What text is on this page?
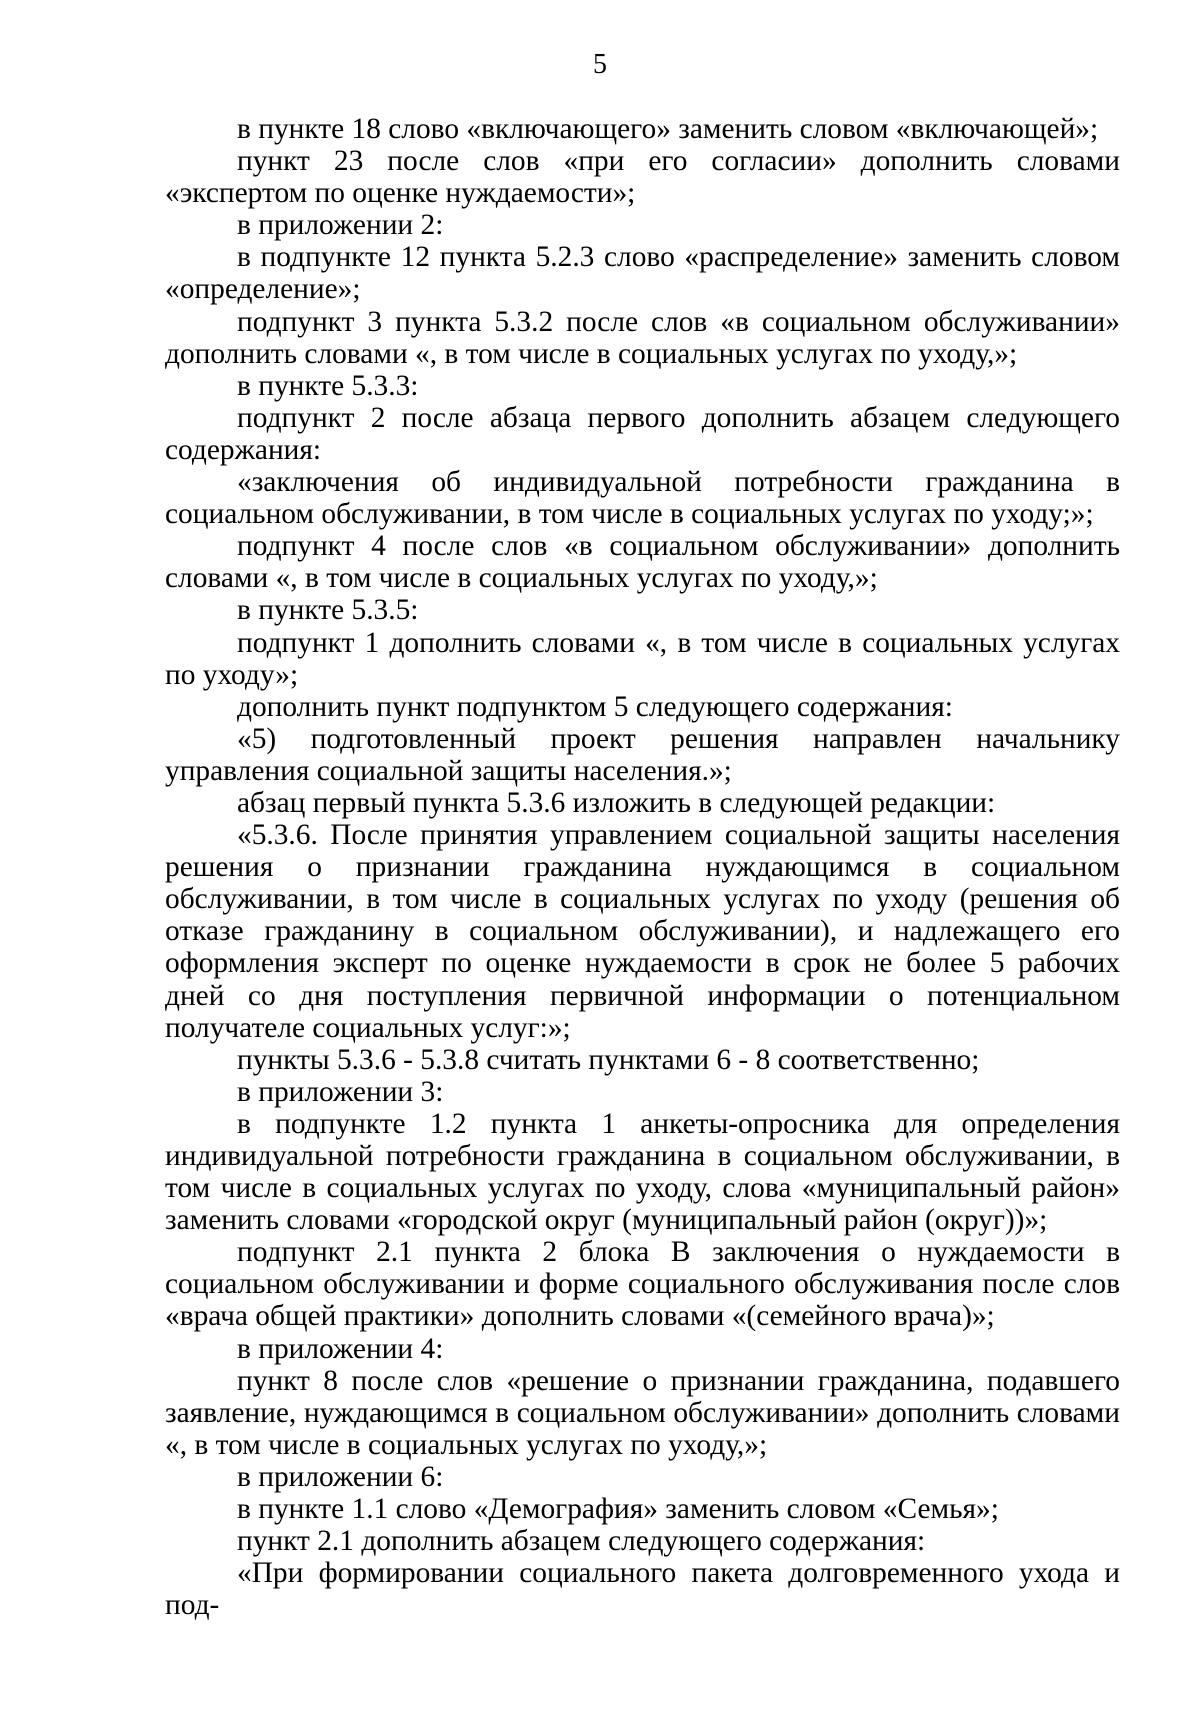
5

в пункте 18 слово «включающего» заменить словом «включающей»;

пункт 23 после слов «при его согласии» дополнить словами «экспертом по оценке нуждаемости»;

в приложении 2:

в подпункте 12 пункта 5.2.3 слово «распределение» заменить словом «определение»;

подпункт 3 пункта 5.3.2 после слов «в социальном обслуживании» дополнить словами «, в том числе в социальных услугах по уходу,»;

в пункте 5.3.3:

подпункт 2 после абзаца первого дополнить абзацем следующего содержания:

«заключения об индивидуальной потребности гражданина в социальном обслуживании, в том числе в социальных услугах по уходу;»;

подпункт 4 после слов «в социальном обслуживании» дополнить словами «, в том числе в социальных услугах по уходу,»;

в пункте 5.3.5:

подпункт 1 дополнить словами «, в том числе в социальных услугах по уходу»;

дополнить пункт подпунктом 5 следующего содержания:

«5) подготовленный проект решения направлен начальнику управления социальной защиты населения.»;

абзац первый пункта 5.3.6 изложить в следующей редакции:

«5.3.6. После принятия управлением социальной защиты населения решения о признании гражданина нуждающимся в социальном обслуживании, в том числе в социальных услугах по уходу (решения об отказе гражданину в социальном обслуживании), и надлежащего его оформления эксперт по оценке нуждаемости в срок не более 5 рабочих дней со дня поступления первичной информации о потенциальном получателе социальных услуг:»;

пункты 5.3.6 - 5.3.8 считать пунктами 6 - 8 соответственно;

в приложении 3:

в подпункте 1.2 пункта 1 анкеты-опросника для определения индивидуальной потребности гражданина в социальном обслуживании, в том числе в социальных услугах по уходу, слова «муниципальный район» заменить словами «городской округ (муниципальный район (округ))»;

подпункт 2.1 пункта 2 блока В заключения о нуждаемости в социальном обслуживании и форме социального обслуживания после слов «врача общей практики» дополнить словами «(семейного врача)»;

в приложении 4:

пункт 8 после слов «решение о признании гражданина, подавшего заявление, нуждающимся в социальном обслуживании» дополнить словами «, в том числе в социальных услугах по уходу,»;

в приложении 6:

в пункте 1.1 слово «Демография» заменить словом «Семья»;

пункт 2.1 дополнить абзацем следующего содержания:

«При формировании социального пакета долговременного ухода и под-
